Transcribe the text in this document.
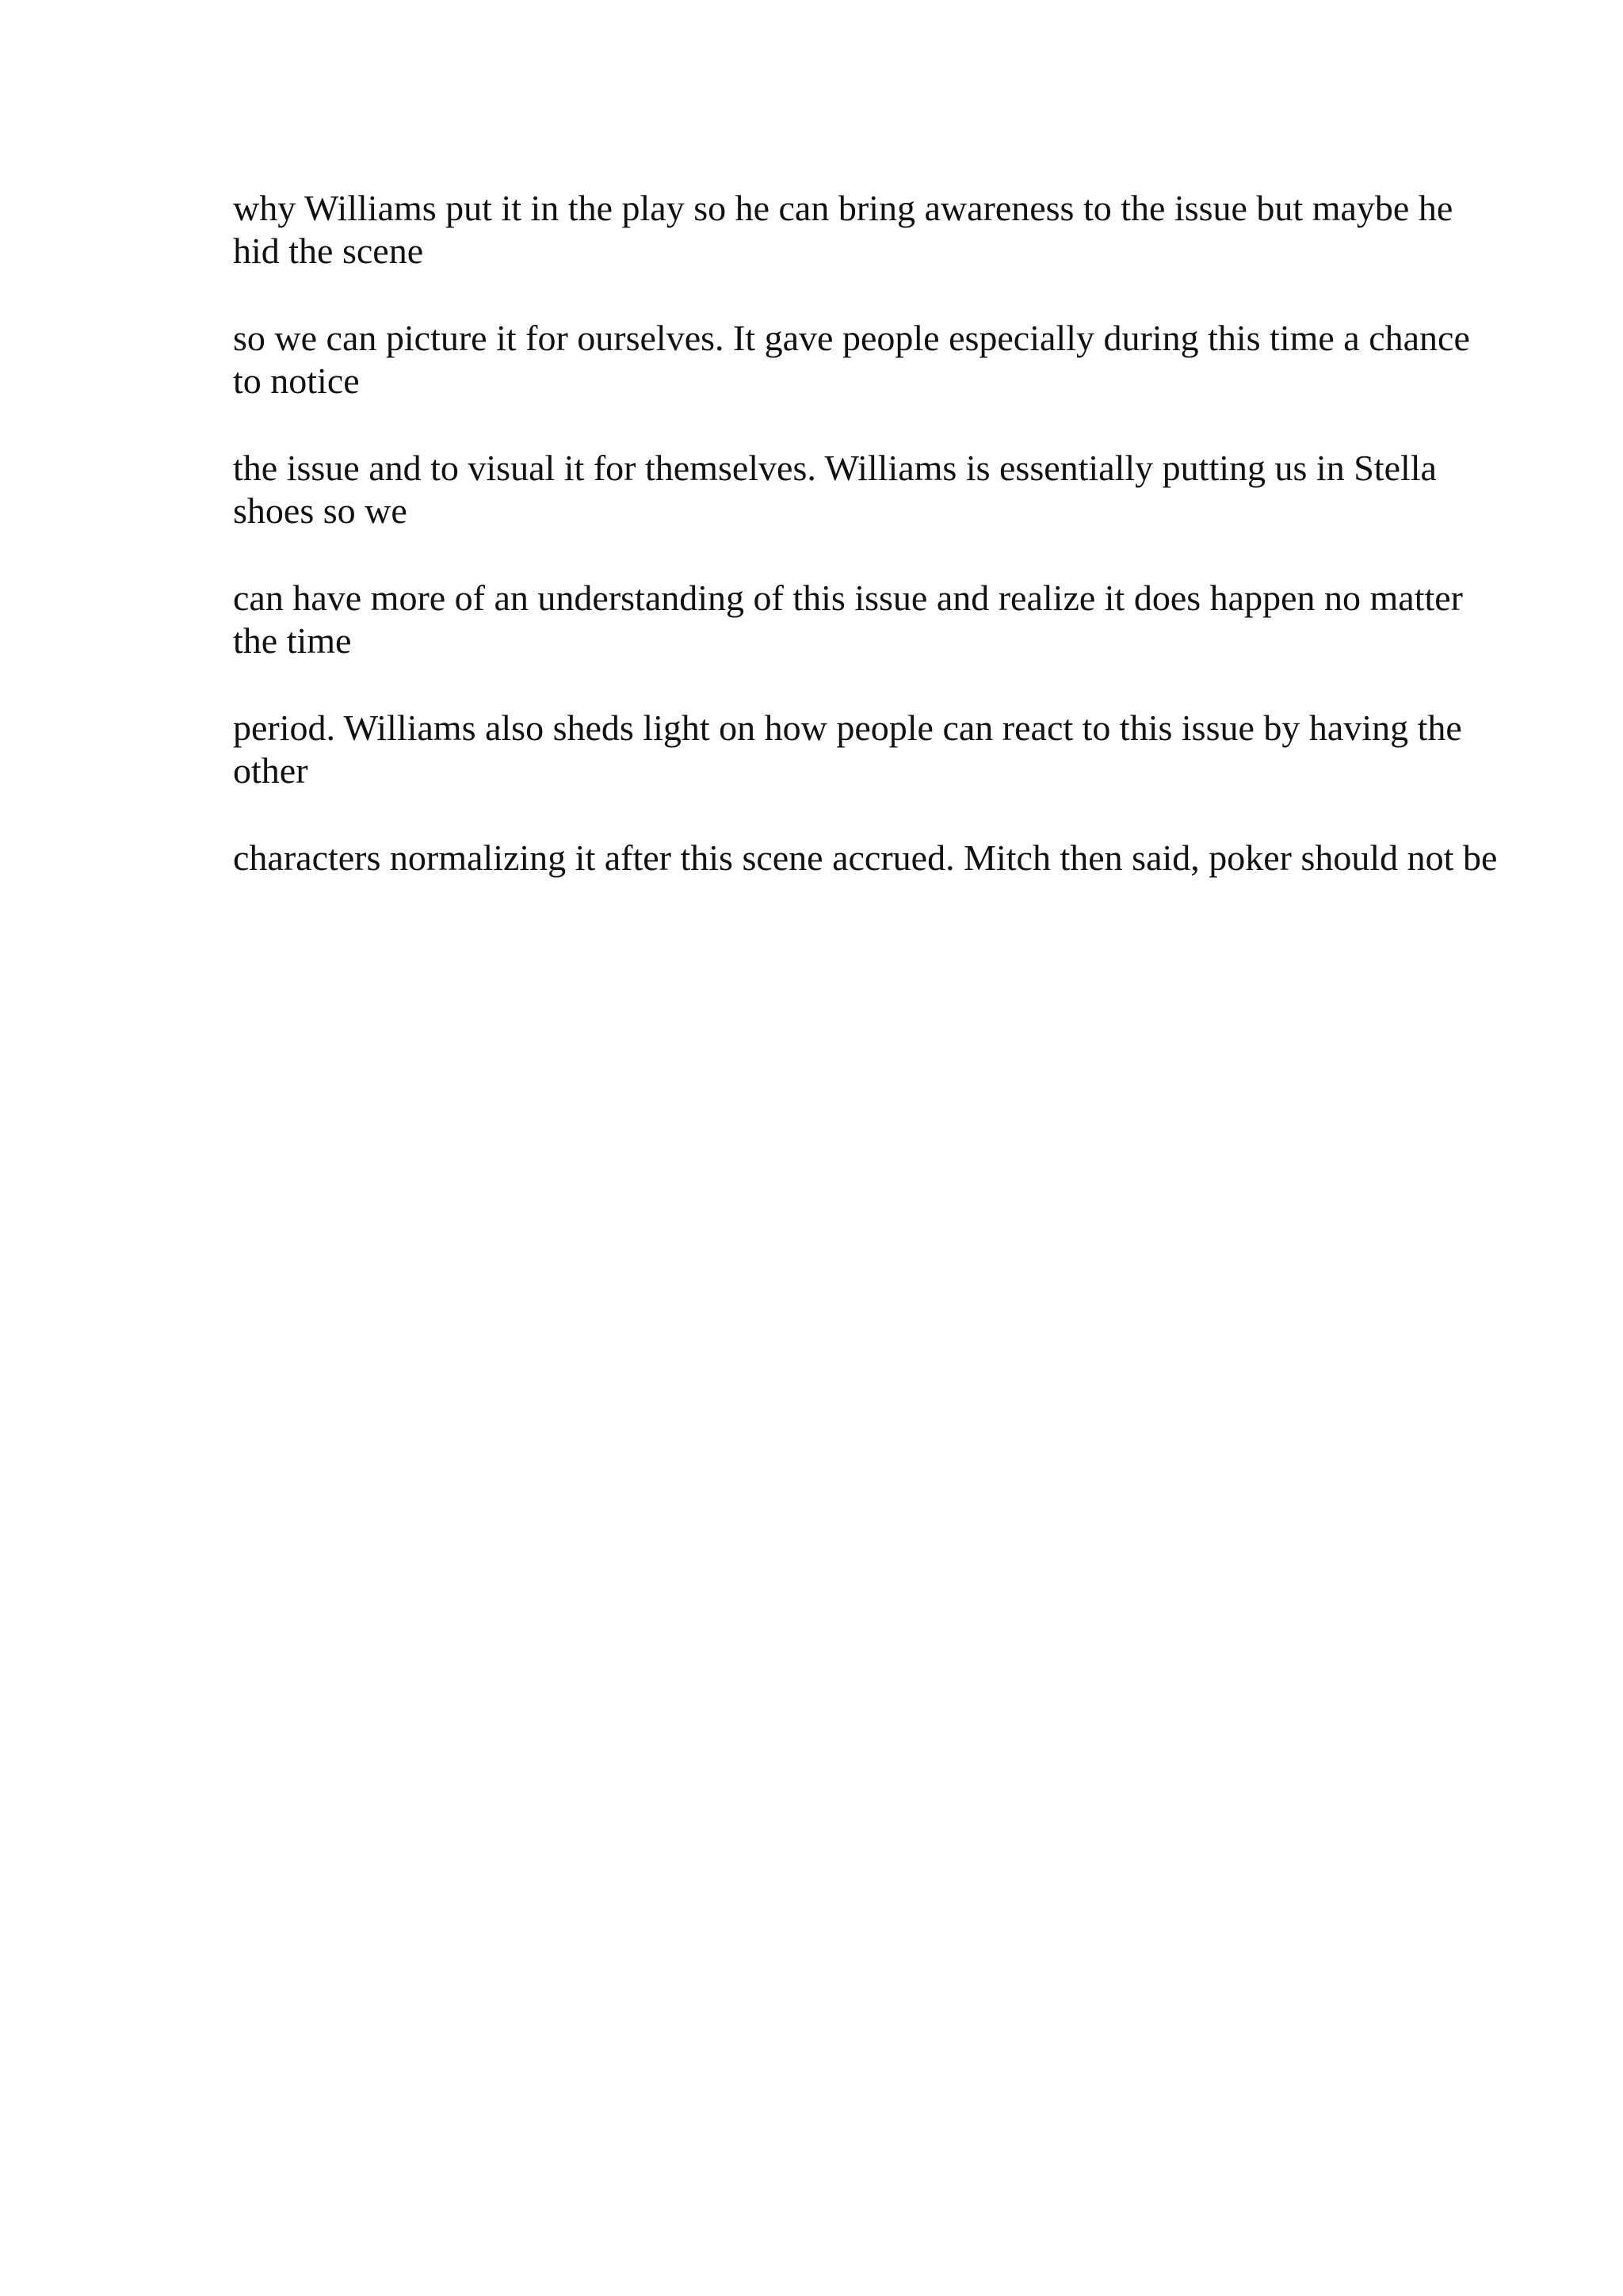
why Williams put it in the play so he can bring awareness to the issue but maybe he
hid the scene

so we can picture it for ourselves. It gave people especially during this time a chance
to notice

the issue and to visual it for themselves. Williams is essentially putting us in Stella
shoes so we

can have more of an understanding of this issue and realize it does happen no matter
the time

period. Williams also sheds light on how people can react to this issue by having the
other

characters normalizing it after this scene accrued. Mitch then said, poker should not be
